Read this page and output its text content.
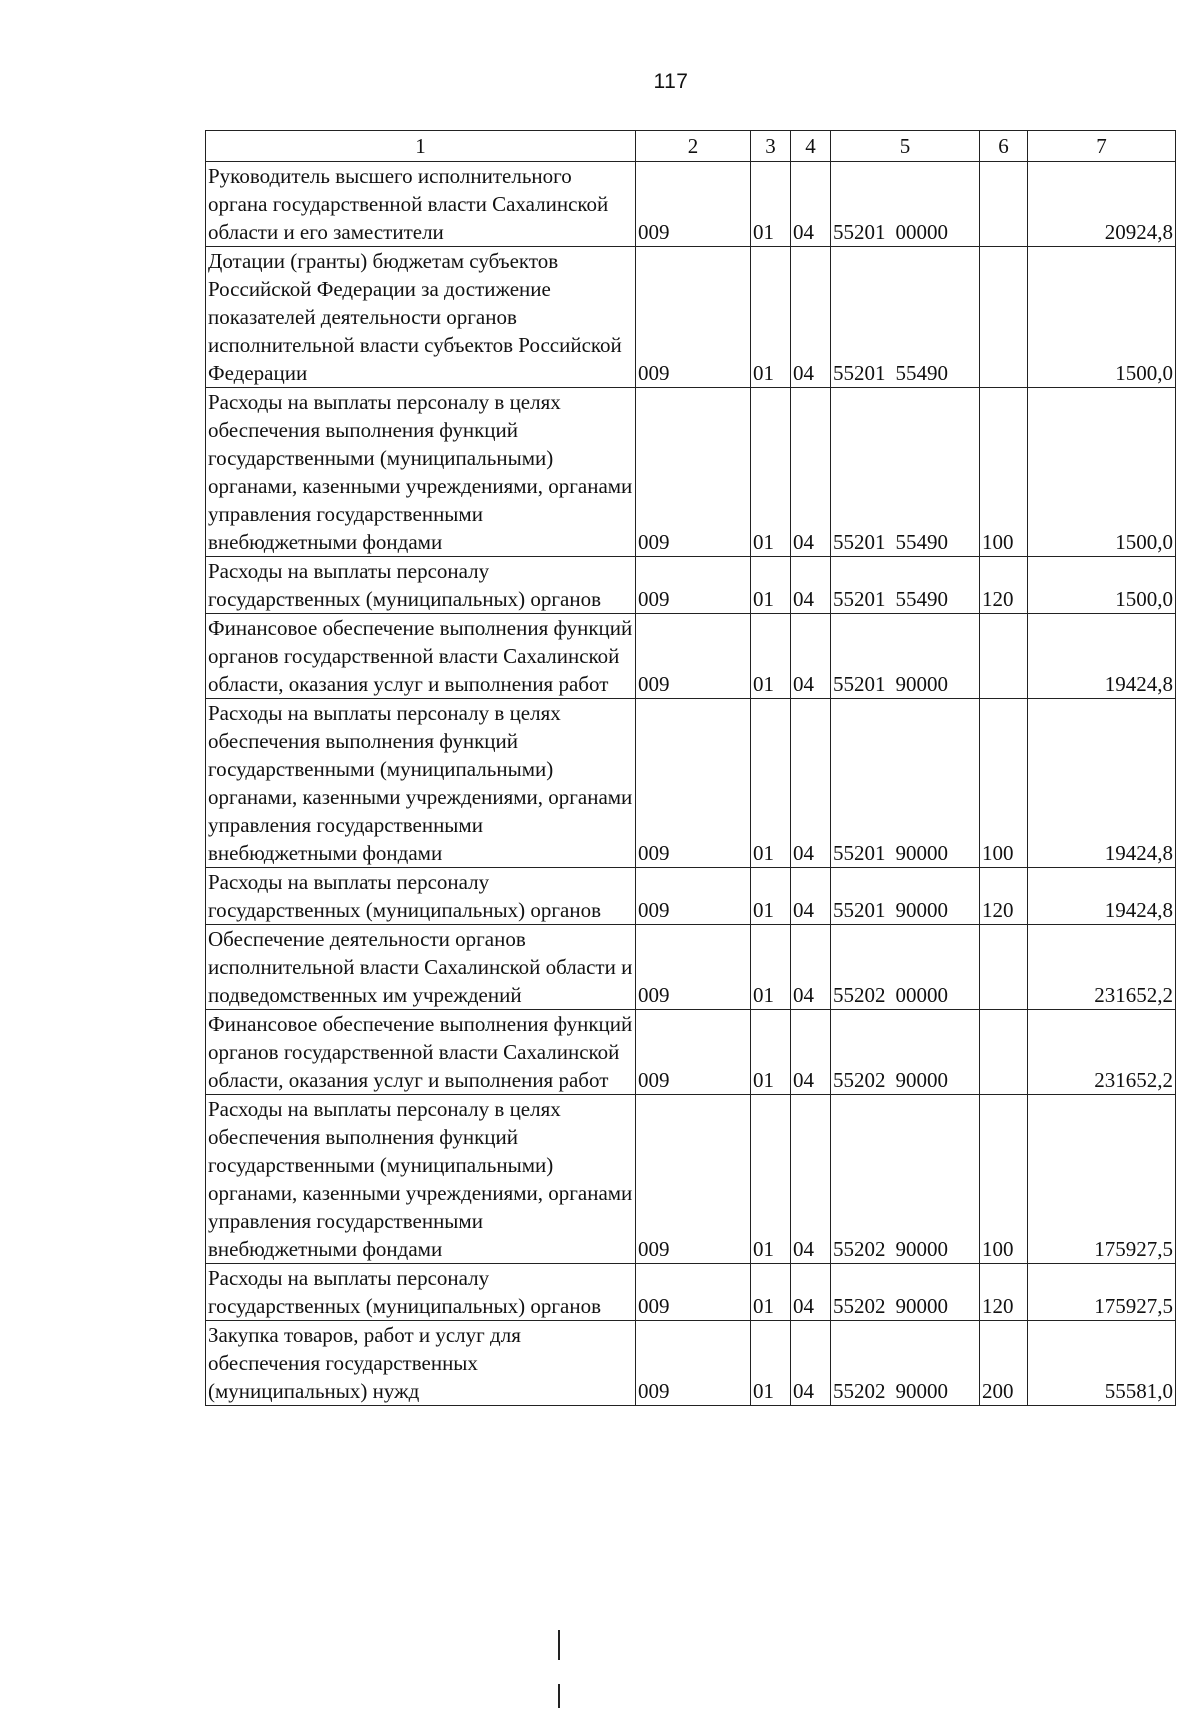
117
1	2	3	4	5	6	7
Руководитель высшего исполнительного органа государственной власти Сахалинской области и его заместители	009	01	04	55201 00000		20924,8
Дотации (гранты) бюджетам субъектов Российской Федерации за достижение показателей деятельности органов исполнительной власти субъектов Российской Федерации	009	01	04	55201 55490		1500,0
Расходы на выплаты персоналу в целях обеспечения выполнения функций государственными (муниципальными) органами, казенными учреждениями, органами управления государственными внебюджетными фондами	009	01	04	55201 55490	100	1500,0
Расходы на выплаты персоналу государственных (муниципальных) органов	009	01	04	55201 55490	120	1500,0
Финансовое обеспечение выполнения функций органов государственной власти Сахалинской области, оказания услуг и выполнения работ	009	01	04	55201 90000		19424,8
Расходы на выплаты персоналу в целях обеспечения выполнения функций государственными (муниципальными) органами, казенными учреждениями, органами управления государственными внебюджетными фондами	009	01	04	55201 90000	100	19424,8
Расходы на выплаты персоналу государственных (муниципальных) органов	009	01	04	55201 90000	120	19424,8
Обеспечение деятельности органов исполнительной власти Сахалинской области и подведомственных им учреждений	009	01	04	55202 00000		231652,2
Финансовое обеспечение выполнения функций органов государственной власти Сахалинской области, оказания услуг и выполнения работ	009	01	04	55202 90000		231652,2
Расходы на выплаты персоналу в целях обеспечения выполнения функций государственными (муниципальными) органами, казенными учреждениями, органами управления государственными внебюджетными фондами	009	01	04	55202 90000	100	175927,5
Расходы на выплаты персоналу государственных (муниципальных) органов	009	01	04	55202 90000	120	175927,5
Закупка товаров, работ и услуг для обеспечения государственных (муниципальных) нужд	009	01	04	55202 90000	200	55581,0
